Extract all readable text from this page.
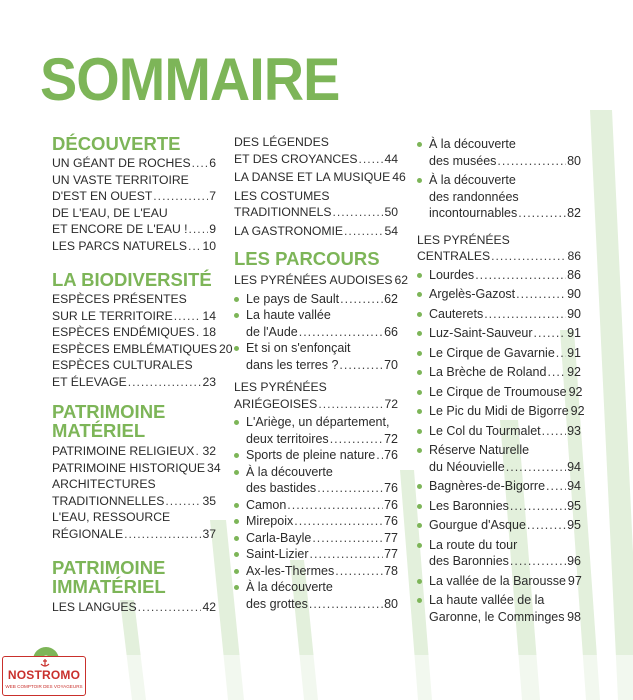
SOMMAIRE
DÉCOUVERTE
UN GÉANT DE ROCHES ..... 6
UN VASTE TERRITOIRE
D'EST EN OUEST .....	7
DE L'EAU, DE L'EAU
ET ENCORE DE L'EAU ! ..... 9
LES PARCS NATURELS ..... 10
LA BIODIVERSITÉ
ESPÈCES PRÉSENTES
SUR LE TERRITOIRE ..... 14
ESPÈCES ENDÉMIQUES ..... 18
ESPÈCES EMBLÉMATIQUES 20
ESPÈCES CULTURALES
ET ÉLEVAGE .....	23
PATRIMOINE
MATÉRIEL
PATRIMOINE RELIGIEUX ..... 32
PATRIMOINE HISTORIQUE 34
ARCHITECTURES
TRADITIONNELLES .....	35
L'EAU, RESSOURCE
RÉGIONALE .....	37
PATRIMOINE
IMMATÉRIEL
LES LANGUES .....	42
DES LÉGENDES
ET DES CROYANCES ..... 44
LA DANSE ET LA MUSIQUE 46
LES COSTUMES
TRADITIONNELS .....	50
LA GASTRONOMIE .....	54
LES PARCOURS
LES PYRÉNÉES AUDOISES 62
Le pays de Sault .....	62
La haute vallée
de l'Aude .....	66
Et si on s'enfonçait
dans les terres ? .....	70
LES PYRÉNÉES
ARIÉGEOISES .....	72
L'Ariège, un département,
deux territoires .....	72
Sports de pleine nature ..... 76
À la découverte
des bastides .....	76
Camon .....	76
Mirepoix .....	76
Carla-Bayle .....	77
Saint-Lizier .....	77
Ax-les-Thermes .....	78
À la découverte
des grottes .....	80
À la découverte
des musées .....	80
À la découverte
des randonnées
incontournables .....	82
LES PYRÉNÉES
CENTRALES .....	86
Lourdes .....	86
Argelès-Gazost .....	90
Cauterets .....	90
Luz-Saint-Sauveur .....	91
Le Cirque de Gavarnie ..... 91
La Brèche de Roland ..... 92
Le Cirque de Troumouse 92
Le Pic du Midi de Bigorre 92
Le Col du Tourmalet ..... 93
Réserve Naturelle
du Néouvielle .....	94
Bagnères-de-Bigorre ..... 94
Les Baronnies .....	95
Gourgue d'Asque .....	95
La route du tour
des Baronnies .....	96
La vallée de la Barousse 97
La haute vallée de la
Garonne, le Comminges ..... 98
NOSTROMO
WEB COMPTOIR DES VOYAGEURS
